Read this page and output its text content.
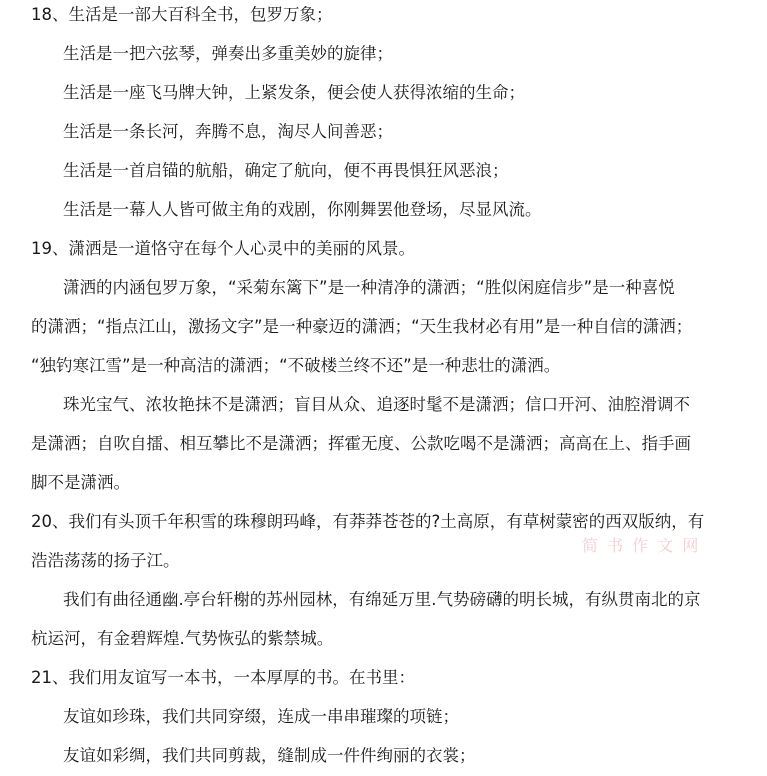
18、生活是一部大百科全书，包罗万象；

生活是一把六弦琴，弹奏出多重美妙的旋律；

生活是一座飞马牌大钟，上紧发条，便会使人获得浓缩的生命；

生活是一条长河，奔腾不息，淘尽人间善恶；

生活是一首启锚的航船，确定了航向，便不再畏惧狂风恶浪；

生活是一幕人人皆可做主角的戏剧，你刚舞罢他登场，尽显风流。

19、潇洒是一道恪守在每个人心灵中的美丽的风景。

潇洒的内涵包罗万象，“采菊东篱下”是一种清净的潇洒；“胜似闲庭信步”是一种喜悦

的潇洒；“指点江山，激扬文字”是一种豪迈的潇洒；“天生我材必有用”是一种自信的潇洒；

“独钓寒江雪”是一种高洁的潇洒；“不破楼兰终不还”是一种悲壮的潇洒。

珠光宝气、浓妆艳抹不是潇洒；盲目从众、追逐时髦不是潇洒；信口开河、油腔滑调不

是潇洒；自吹自擂、相互攀比不是潇洒；挥霍无度、公款吃喝不是潇洒；高高在上、指手画

脚不是潇洒。

20、我们有头顶千年积雪的珠穆朗玛峰，有莽莽苍苍的?土高原，有草树蒙密的西双版纳，有

浩浩荡荡的扬子江。

我们有曲径通幽.亭台轩榭的苏州园林，有绵延万里.气势磅礴的明长城，有纵贯南北的京

杭运河，有金碧辉煌.气势恢弘的紫禁城。

21、我们用友谊写一本书，一本厚厚的书。在书里：

友谊如珍珠，我们共同穿缀，连成一串串璀璨的项链；

友谊如彩绸，我们共同剪裁，缝制成一件件绚丽的衣裳；

简 书 作 文 网
